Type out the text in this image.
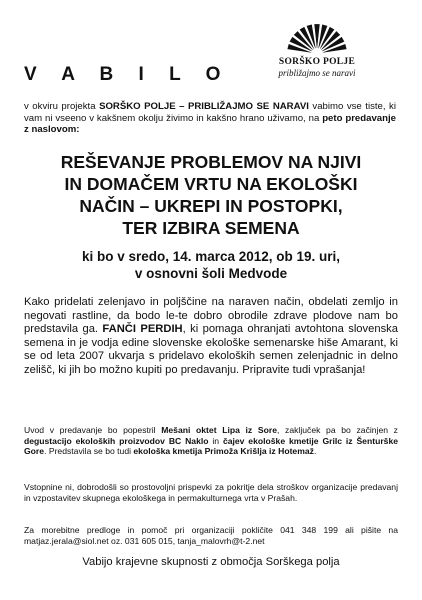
SORŠKO POLJE
približajmo se naravi
V A B I L O

v okviru projekta SORŠKO POLJE – PRIBLIŽAJMO SE NARAVI vabimo vse tiste, ki vam ni vseeno v kakšnem okolju živimo in kakšno hrano uživamo, na peto predavanje z naslovom:

REŠEVANJE PROBLEMOV NA NJIVI
IN DOMAČEM VRTU NA EKOLOŠKI
NAČIN – UKREPI IN POSTOPKI,
TER IZBIRA SEMENA

ki bo v sredo, 14. marca 2012, ob 19. uri,
v osnovni šoli Medvode

Kako pridelati zelenjavo in poljščine na naraven način, obdelati zemljo in negovati rastline, da bodo le-te dobro obrodile zdrave plodove nam bo predstavila ga. FANČI PERDIH, ki pomaga ohranjati avtohtona slovenska semena in je vodja edine slovenske ekološke semenarske hiše Amarant, ki se od leta 2007 ukvarja s pridelavo ekoloških semen zelenjadnic in delno zelišč, ki jih bo možno kupiti po predavanju. Pripravite tudi vprašanja!

Uvod v predavanje bo popestril Mešani oktet Lipa iz Sore, zaključek pa bo začinjen z degustacijo ekoloških proizvodov BC Naklo in čajev ekološke kmetije Grilc iz Šenturške Gore. Predstavila se bo tudi ekološka kmetija Primoža Krišlja iz Hotemaž.

Vstopnine ni, dobrodošli so prostovoljni prispevki za pokritje dela stroškov organizacije predavanj in vzpostavitev skupnega ekološkega in permakulturnega vrta v Prašah.

Za morebitne predloge in pomoč pri organizaciji pokličite 041 348 199 ali pišite na matjaz.jerala@siol.net oz. 031 605 015, tanja_malovrh@t-2.net

Vabijo krajevne skupnosti z območja Sorškega polja
